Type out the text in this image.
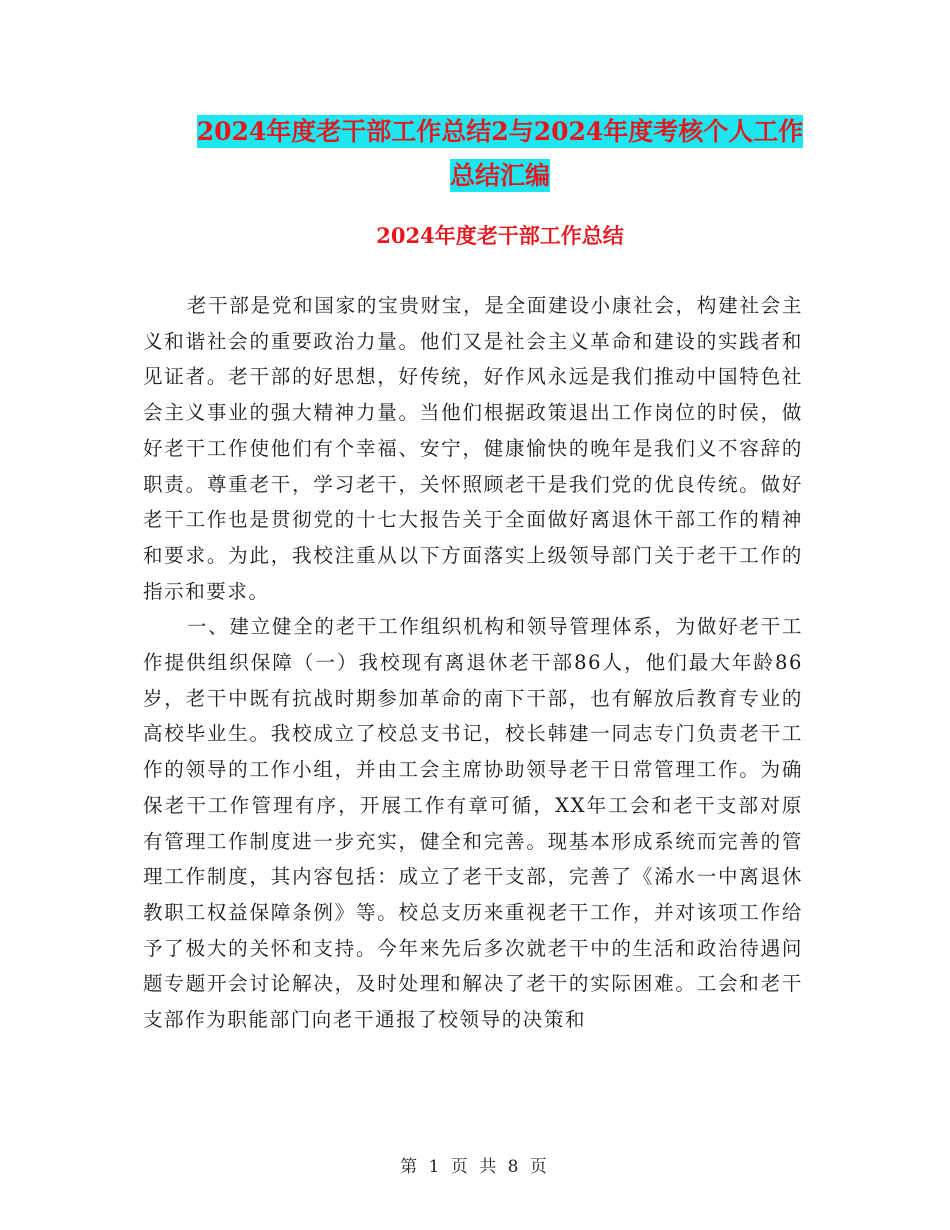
2024年度老干部工作总结2与2024年度考核个人工作
总结汇编
2024年度老干部工作总结

老干部是党和国家的宝贵财宝，是全面建设小康社会，构建社会主义和谐社会的重要政治力量。他们又是社会主义革命和建设的实践者和见证者。老干部的好思想，好传统，好作风永远是我们推动中国特色社会主义事业的强大精神力量。当他们根据政策退出工作岗位的时侯，做好老干工作使他们有个幸福、安宁，健康愉快的晚年是我们义不容辞的职责。尊重老干，学习老干，关怀照顾老干是我们党的优良传统。做好老干工作也是贯彻党的十七大报告关于全面做好离退休干部工作的精神和要求。为此，我校注重从以下方面落实上级领导部门关于老干工作的指示和要求。

一、建立健全的老干工作组织机构和领导管理体系，为做好老干工作提供组织保障（一）我校现有离退休老干部86人，他们最大年龄86岁，老干中既有抗战时期参加革命的南下干部，也有解放后教育专业的高校毕业生。我校成立了校总支书记，校长韩建一同志专门负责老干工作的领导的工作小组，并由工会主席协助领导老干日常管理工作。为确保老干工作管理有序，开展工作有章可循，XX年工会和老干支部对原有管理工作制度进一步充实，健全和完善。现基本形成系统而完善的管理工作制度，其内容包括：成立了老干支部，完善了《浠水一中离退休教职工权益保障条例》等。校总支历来重视老干工作，并对该项工作给予了极大的关怀和支持。今年来先后多次就老干中的生活和政治待遇问题专题开会讨论解决，及时处理和解决了老干的实际困难。工会和老干支部作为职能部门向老干通报了校领导的决策和

第 1 页 共 8 页
